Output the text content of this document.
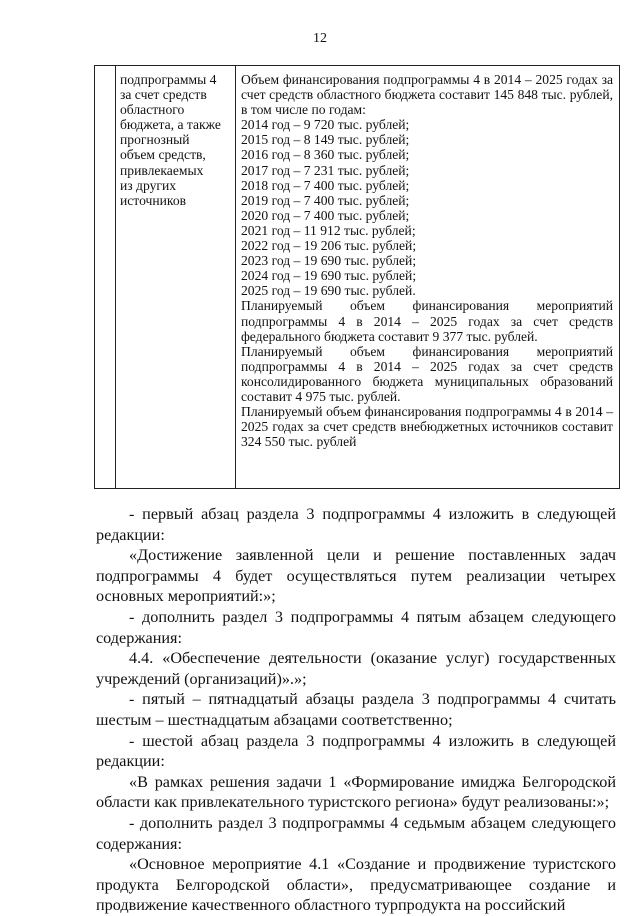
12
подпрограммы 4
за счет средств
областного
бюджета, а также
прогнозный
объем средств,
привлекаемых
из других
источников

Объем финансирования подпрограммы 4 в 2014 – 2025 годах за счет средств областного бюджета составит 145 848 тыс. рублей, в том числе по годам:

2014 год – 9 720 тыс. рублей;

2015 год – 8 149 тыс. рублей;

2016 год – 8 360 тыс. рублей;

2017 год – 7 231 тыс. рублей;

2018 год – 7 400 тыс. рублей;

2019 год – 7 400 тыс. рублей;

2020 год – 7 400 тыс. рублей;

2021 год – 11 912 тыс. рублей;

2022 год – 19 206 тыс. рублей;

2023 год – 19 690 тыс. рублей;

2024 год – 19 690 тыс. рублей;

2025 год – 19 690 тыс. рублей.

Планируемый объем финансирования мероприятий подпрограммы 4 в 2014 – 2025 годах за счет средств федерального бюджета составит 9 377 тыс. рублей.

Планируемый объем финансирования мероприятий подпрограммы 4 в 2014 – 2025 годах за счет средств консолидированного бюджета муниципальных образований составит 4 975 тыс. рублей.

Планируемый объем финансирования подпрограммы 4 в 2014 – 2025 годах за счет средств внебюджетных источников составит 324 550 тыс. рублей

- первый абзац раздела 3 подпрограммы 4 изложить в следующей редакции:

«Достижение заявленной цели и решение поставленных задач подпрограммы 4 будет осуществляться путем реализации четырех основных мероприятий:»;

- дополнить раздел 3 подпрограммы 4 пятым абзацем следующего содержания:

4.4. «Обеспечение деятельности (оказание услуг) государственных учреждений (организаций)».»;

- пятый – пятнадцатый абзацы раздела 3 подпрограммы 4 считать шестым – шестнадцатым абзацами соответственно;

- шестой абзац раздела 3 подпрограммы 4 изложить в следующей редакции:

«В рамках решения задачи 1 «Формирование имиджа Белгородской области как привлекательного туристского региона» будут реализованы:»;

- дополнить раздел 3 подпрограммы 4 седьмым абзацем следующего содержания:

«Основное мероприятие 4.1 «Создание и продвижение туристского продукта Белгородской области», предусматривающее создание и продвижение качественного областного турпродукта на российский
